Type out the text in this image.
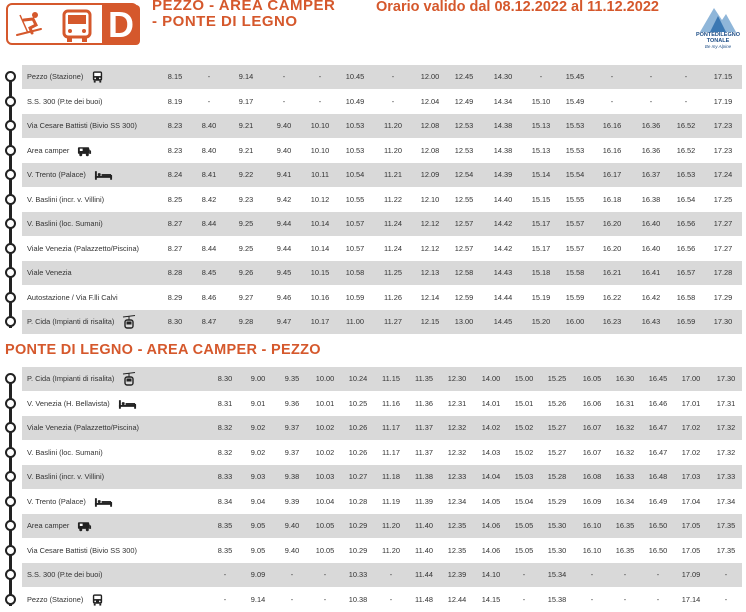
D	PEZZO - AREA CAMPER
- PONTE DI LEGNO
Orario valido dal 08.12.2022 al 11.12.2022
PONTEDILEGNO
TONALE
Be my Alpine
Pezzo (Stazione)	8.15	-	9.14	-	-	10.45	-	12.00	12.45	14.30	-	15.45	-	-	-	17.15
S.S. 300 (P.te dei buoi)	8.19	-	9.17	-	-	10.49	-	12.04	12.49	14.34	15.10	15.49	-	-	-	17.19
Via Cesare Battisti (Bivio SS 300)	8.23	8.40	9.21	9.40	10.10	10.53	11.20	12.08	12.53	14.38	15.13	15.53	16.16	16.36	16.52	17.23
Area camper	8.23	8.40	9.21	9.40	10.10	10.53	11.20	12.08	12.53	14.38	15.13	15.53	16.16	16.36	16.52	17.23
V. Trento (Palace)	8.24	8.41	9.22	9.41	10.11	10.54	11.21	12.09	12.54	14.39	15.14	15.54	16.17	16.37	16.53	17.24
V. Baslini (incr. v. Villini)	8.25	8.42	9.23	9.42	10.12	10.55	11.22	12.10	12.55	14.40	15.15	15.55	16.18	16.38	16.54	17.25
V. Baslini (loc. Sumani)	8.27	8.44	9.25	9.44	10.14	10.57	11.24	12.12	12.57	14.42	15.17	15.57	16.20	16.40	16.56	17.27
Viale Venezia (Palazzetto/Piscina)	8.27	8.44	9.25	9.44	10.14	10.57	11.24	12.12	12.57	14.42	15.17	15.57	16.20	16.40	16.56	17.27
Viale Venezia	8.28	8.45	9.26	9.45	10.15	10.58	11.25	12.13	12.58	14.43	15.18	15.58	16.21	16.41	16.57	17.28
Autostazione / Via F.lli Calvi	8.29	8.46	9.27	9.46	10.16	10.59	11.26	12.14	12.59	14.44	15.19	15.59	16.22	16.42	16.58	17.29
P. Cida (Impianti di risalita)	8.30	8.47	9.28	9.47	10.17	11.00	11.27	12.15	13.00	14.45	15.20	16.00	16.23	16.43	16.59	17.30
PONTE DI LEGNO - AREA CAMPER - PEZZO
P. Cida (Impianti di risalita)	8.30	9.00	9.35	10.00	10.24	11.15	11.35	12.30	14.00	15.00	15.25	16.05	16.30	16.45	17.00	17.30
V. Venezia (H. Bellavista)	8.31	9.01	9.36	10.01	10.25	11.16	11.36	12.31	14.01	15.01	15.26	16.06	16.31	16.46	17.01	17.31
Viale Venezia (Palazzetto/Piscina)	8.32	9.02	9.37	10.02	10.26	11.17	11.37	12.32	14.02	15.02	15.27	16.07	16.32	16.47	17.02	17.32
V. Baslini (loc. Sumani)	8.32	9.02	9.37	10.02	10.26	11.17	11.37	12.32	14.03	15.02	15.27	16.07	16.32	16.47	17.02	17.32
V. Baslini (incr. v. Villini)	8.33	9.03	9.38	10.03	10.27	11.18	11.38	12.33	14.04	15.03	15.28	16.08	16.33	16.48	17.03	17.33
V. Trento (Palace)	8.34	9.04	9.39	10.04	10.28	11.19	11.39	12.34	14.05	15.04	15.29	16.09	16.34	16.49	17.04	17.34
Area camper	8.35	9.05	9.40	10.05	10.29	11.20	11.40	12.35	14.06	15.05	15.30	16.10	16.35	16.50	17.05	17.35
Via Cesare Battisti (Bivio SS 300)	8.35	9.05	9.40	10.05	10.29	11.20	11.40	12.35	14.06	15.05	15.30	16.10	16.35	16.50	17.05	17.35
S.S. 300 (P.te dei buoi)	-	9.09	-	-	10.33	-	11.44	12.39	14.10	-	15.34	-	-	-	17.09	-
Pezzo (Stazione)	-	9.14	-	-	10.38	-	11.48	12.44	14.15	-	15.38	-	-	-	17.14	-
